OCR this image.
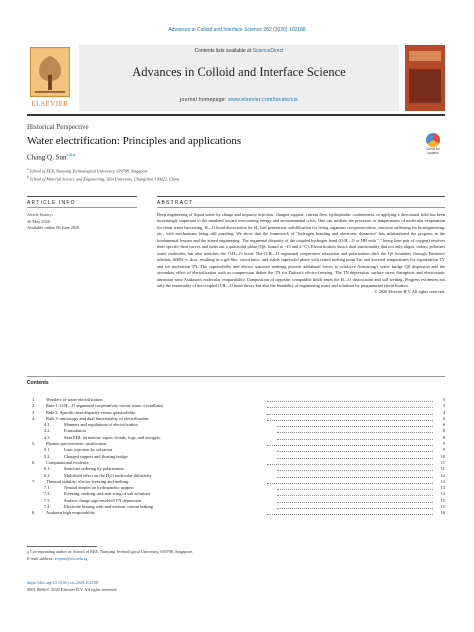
Advances in Colloid and Interface Science 282 (2020) 102188
ELSEVIER
Contents lists available at ScienceDirect
Advances in Colloid and Interface Science
journal homepage: www.elsevier.com/locate/cis
Historical Perspective
Water electrification: Principles and applications
Check for updates
Chang Q. Sun$^{a,b,⁎}$
$^a$ School of EEE, Nanyang Technological University, 639798, Singapore
$^b$ School of Material Science and Engineering, Jilin University, Changchun 130022, China
ARTICLE INFO	ABSTRACT
Article history:
30 May 2020
Available online 06 June 2020
Deep engineering of liquid water by charge and impurity injection, charged support, current flow, hydrophobic confinement, or applying a directional field has been increasingly important to the mankind toward overcoming energy and environmental crisis. One can mediate the processes or temperatures of molecular evaporation for clean water harvesting, H—O bond dissociation for H₂ fuel generation, solidification for living organism cryopreservation, structure stiffening for bioengineering, etc., with mechanisms being still puzzling. We show that the framework of "hydrogen bonding and electronic dynamics" has substantiated the progress in the fundamental lessons and the aimed engineering. The segmental disparity of the coupled hydrogen bond (O:H—O or HB with ":" being lone pair of oxygen) resolves their specific-heat curves and turns out a quasisolid phase (QS, bound at ~15 and 4 °C). Electrification shows dual functionality that not only aligns, orders, polarizes water molecules but also stretches the O:H—O bond. The O:H—O segmental cooperative relaxation and polarization shift the QS boundary through Einstein's relation, ΔΘDx ∝ Δωx, resulting in a gel-like, viscoelastic, and stable supersolid phase with raised melting point Tm and lowered temperatures for vaporization TV and ice nucleation TN. The supersolidity and electro structure ordering provide additional forces to reinforce Armstrong's water bridge QS dispersion and the secondary effect of electrification such as compression define the TN for Dufour's electro-freezing. The TN depression, surface stress disruption, and electrostatic attraction raise Asakawa's molecular evaporability. Composition of opposite, compatible fields eases the H—O dissociation and soil wetting. Progress evidences not only the essentiality of the coupled O:H—O bond theory but also the feasibility of engineering water and solutions by programmed electrification.
© 2020 Elsevier B.V. All rights reserved.
Contents
1.	Wonders of water electrification	3
2.	Rule 1: O:H—O segmental cooperativity versus water crystallinity	3
3.	Rule 2: Specific-heat disparity versus quasisolidity	4
4.	Rule 3: anisotropy and dual functionality of electrification.	6
4.1.	Manners and regulations of electrification.	6
4.2.	Formulation	8
4.3.	Skin EDL formation: vapor, clouds, fogs, and aerogels.	8
5.	Phonon spectrometric justification	9
5.1.	Ionic injection by solvation	9
5.2.	Charged support and floating bridge	10
6.	Computational evidence	11
6.1.	Structure ordering by polarization	11
6.2.	Multifield effect on the H₂O molecular diffusivity	12
7.	Thermal stability: electro-freezing and melting.	13
7.1.	Neutral droplet on hydrophobic support	13
7.2.	Freezing, melting, and anti-icing of salt solutions	14
7.3.	Surface charge sign resolved TN depression	15
7.4.	Electrode biasing with and without current leaking	15
8.	Asakawa high evaporability	16
⁎ Corresponding author at: School of EEE, Nanyang Technological University, 639798, Singapore.
E-mail address: ecqsun@ntu.edu.sg.
https://doi.org/10.1016/j.cis.2020.102188
0001-8686/© 2020 Elsevier B.V. All rights reserved.
